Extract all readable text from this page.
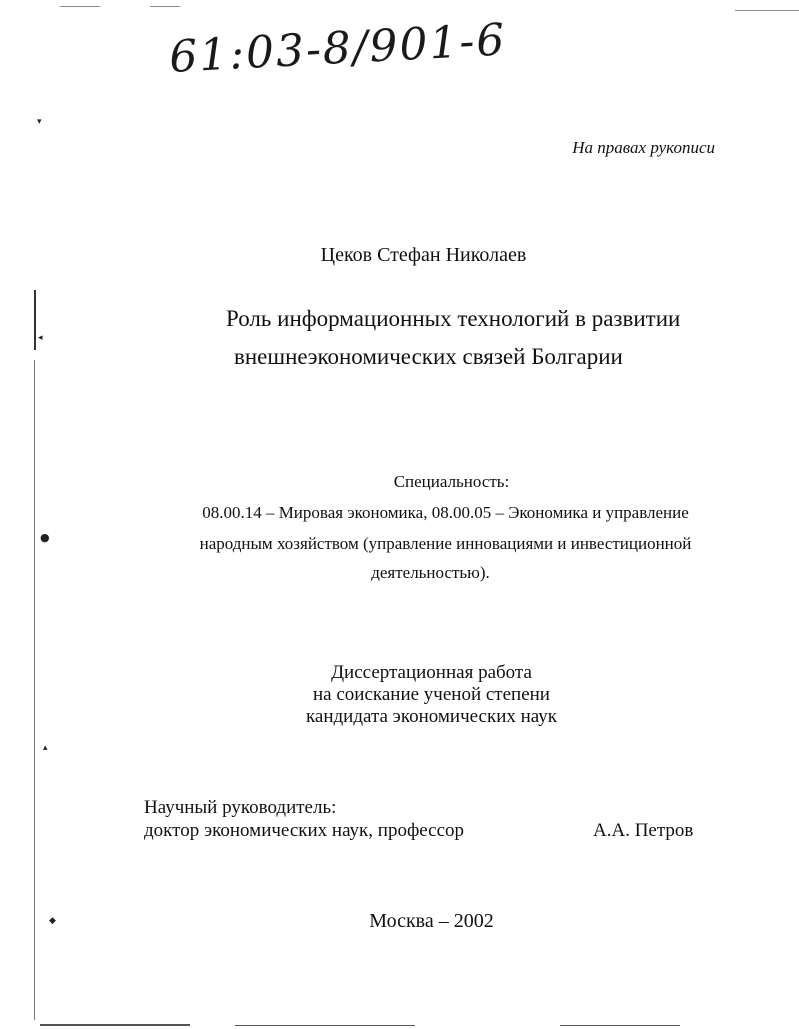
▾
◂
●
▴
◆
61:03-8/901-6
На правах рукописи
Цеков Стефан Николаев
Роль информационных технологий в развитии
внешнеэкономических связей Болгарии
Специальность:
08.00.14 – Мировая экономика, 08.00.05 – Экономика и управление
народным хозяйством (управление инновациями и инвестиционной
деятельностью).
Диссертационная работа
на соискание ученой степени
кандидата экономических наук
Научный руководитель:
доктор экономических наук, профессор	А.А. Петров
Москва – 2002
